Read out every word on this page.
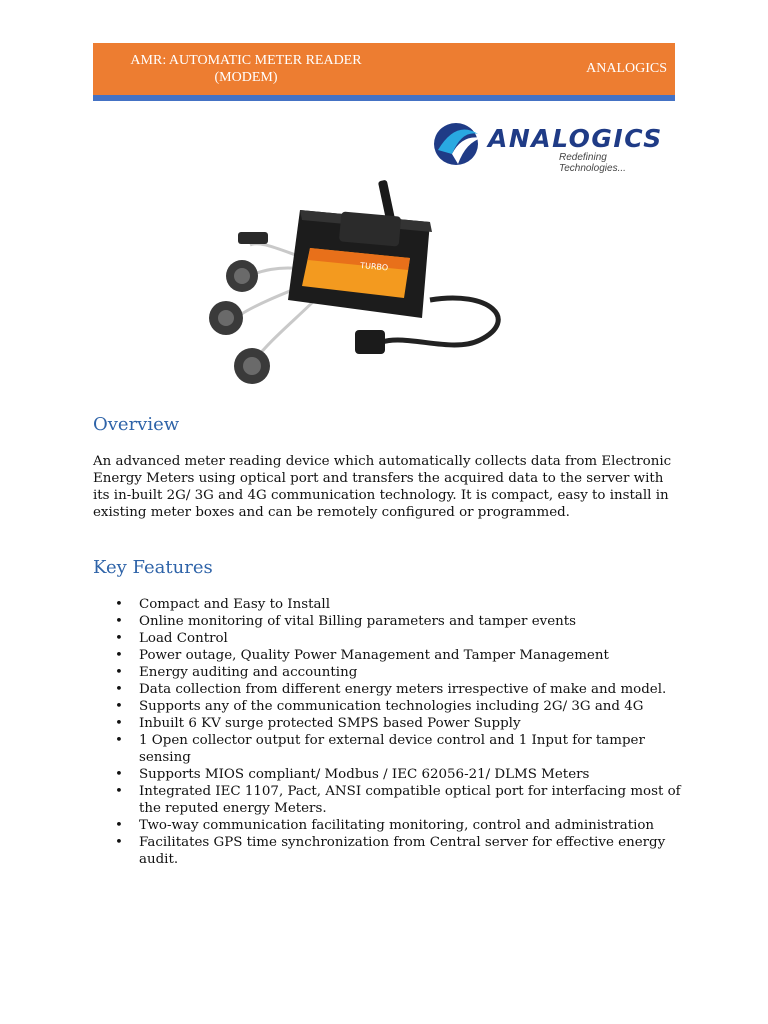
AMR: AUTOMATIC METER READER
(MODEM)
ANALOGICS
ANALOGICS
Redefining Technologies...
TURBO
Overview

An advanced meter reading device which automatically collects data from Electronic Energy Meters using optical port and transfers the acquired data to the server with its in-built 2G/ 3G and 4G communication technology. It is compact, easy to install in existing meter boxes and can be remotely configured or programmed.

Key Features
• Compact and Easy to Install
• Online monitoring of vital Billing parameters and tamper events
• Load Control
• Power outage, Quality Power Management and Tamper Management
• Energy auditing and accounting
• Data collection from different energy meters irrespective of make and model.
• Supports any of the communication technologies including 2G/ 3G and 4G
• Inbuilt 6 KV surge protected SMPS based Power Supply
• 1 Open collector output for external device control and 1 Input for tamper sensing
• Supports MIOS compliant/ Modbus / IEC 62056-21/ DLMS Meters
• Integrated IEC 1107, Pact, ANSI compatible optical port for interfacing most of the reputed energy Meters.
• Two-way communication facilitating monitoring, control and administration
• Facilitates GPS time synchronization from Central server for effective energy audit.
